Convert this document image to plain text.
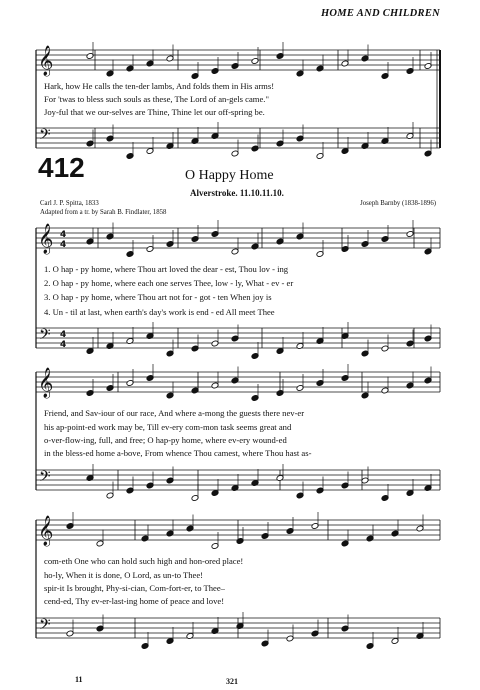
HOME AND CHILDREN
𝄞
𝄢
𝄞
𝄢
𝄞
𝄢
𝄞
𝄢
4
4
4
4
Hark, how He calls the ten-der lambs, And folds them in His arms!
For 'twas to bless such souls as these, The Lord of an-gels came."
Joy-ful that we our-selves are Thine, Thine let our off-spring be.
412	O Happy Home
Alverstroke. 11.10.11.10.
Carl J. P. Spitta, 1833
Adapted from a tr. by Sarah B. Findlater, 1858
Joseph Barnby (1838-1896)
1. O hap - py home, where Thou art loved the dear - est, Thou lov - ing
2. O hap - py home, where each one serves Thee, low - ly, What - ev - er
3. O hap - py home, where Thou art not for - got - ten When joy is
4. Un - til at last, when earth's day's work is end - ed All meet Thee
Friend, and Sav-iour of our race, And where a-mong the guests there nev-er
his ap-point-ed work may be, Till ev-ery com-mon task seems great and
o-ver-flow-ing, full, and free; O hap-py home, where ev-ery wound-ed
in the bless-ed home a-bove, From whence Thou camest, where Thou hast as-
com-eth One who can hold such high and hon-ored place!
ho-ly, When it is done, O Lord, as un-to Thee!
spir-it Is brought, Phy-si-cian, Com-fort-er, to Thee–
cend-ed, Thy ev-er-last-ing home of peace and love!
11	321
